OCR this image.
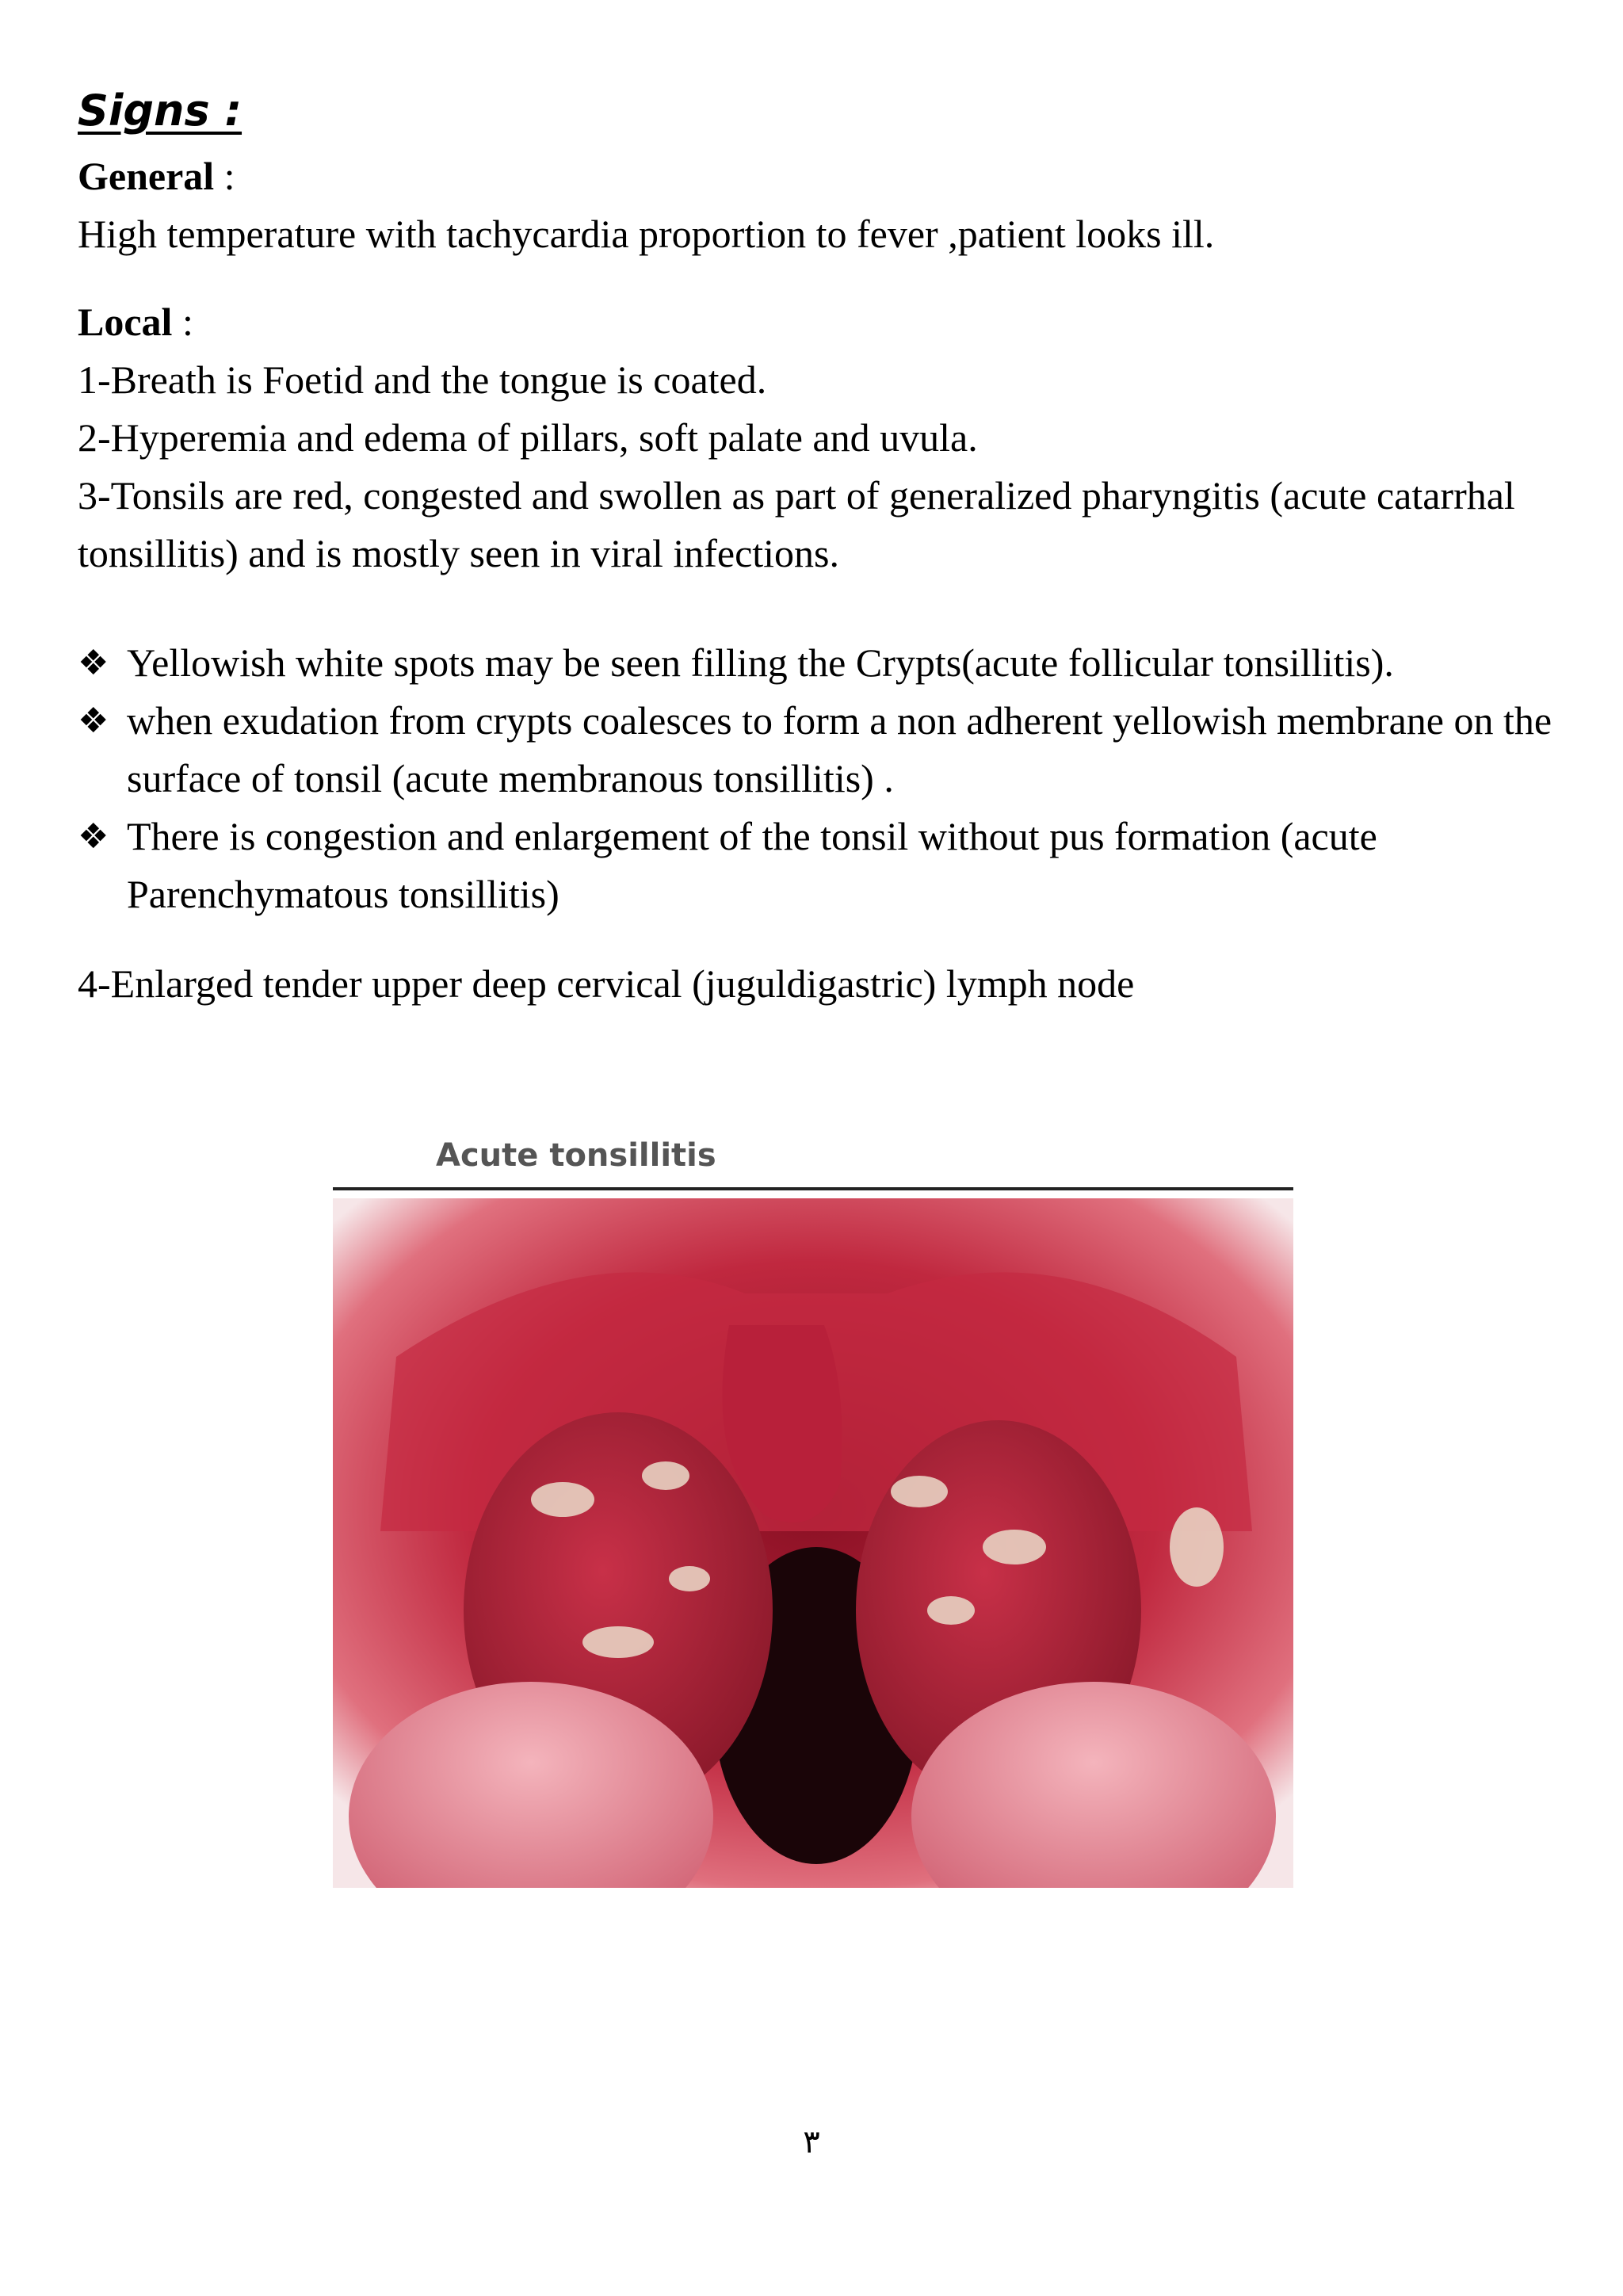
Signs :

General :

High temperature with tachycardia proportion to fever ,patient looks ill.

Local :

1-Breath is Foetid and the tongue is coated.

2-Hyperemia and edema of pillars, soft palate and uvula.

3-Tonsils are red, congested and swollen as part of generalized pharyngitis (acute catarrhal tonsillitis) and is mostly seen in viral infections.

❖ Yellowish white spots may be seen filling the Crypts(acute follicular tonsillitis).
❖ when exudation from crypts coalesces to form a non adherent yellowish membrane on the surface of tonsil (acute membranous tonsillitis) .
❖ There is congestion and enlargement of the tonsil without pus formation (acute Parenchymatous tonsillitis)

4-Enlarged tender upper deep cervical (juguldigastric) lymph node

Acute tonsillitis
٣
